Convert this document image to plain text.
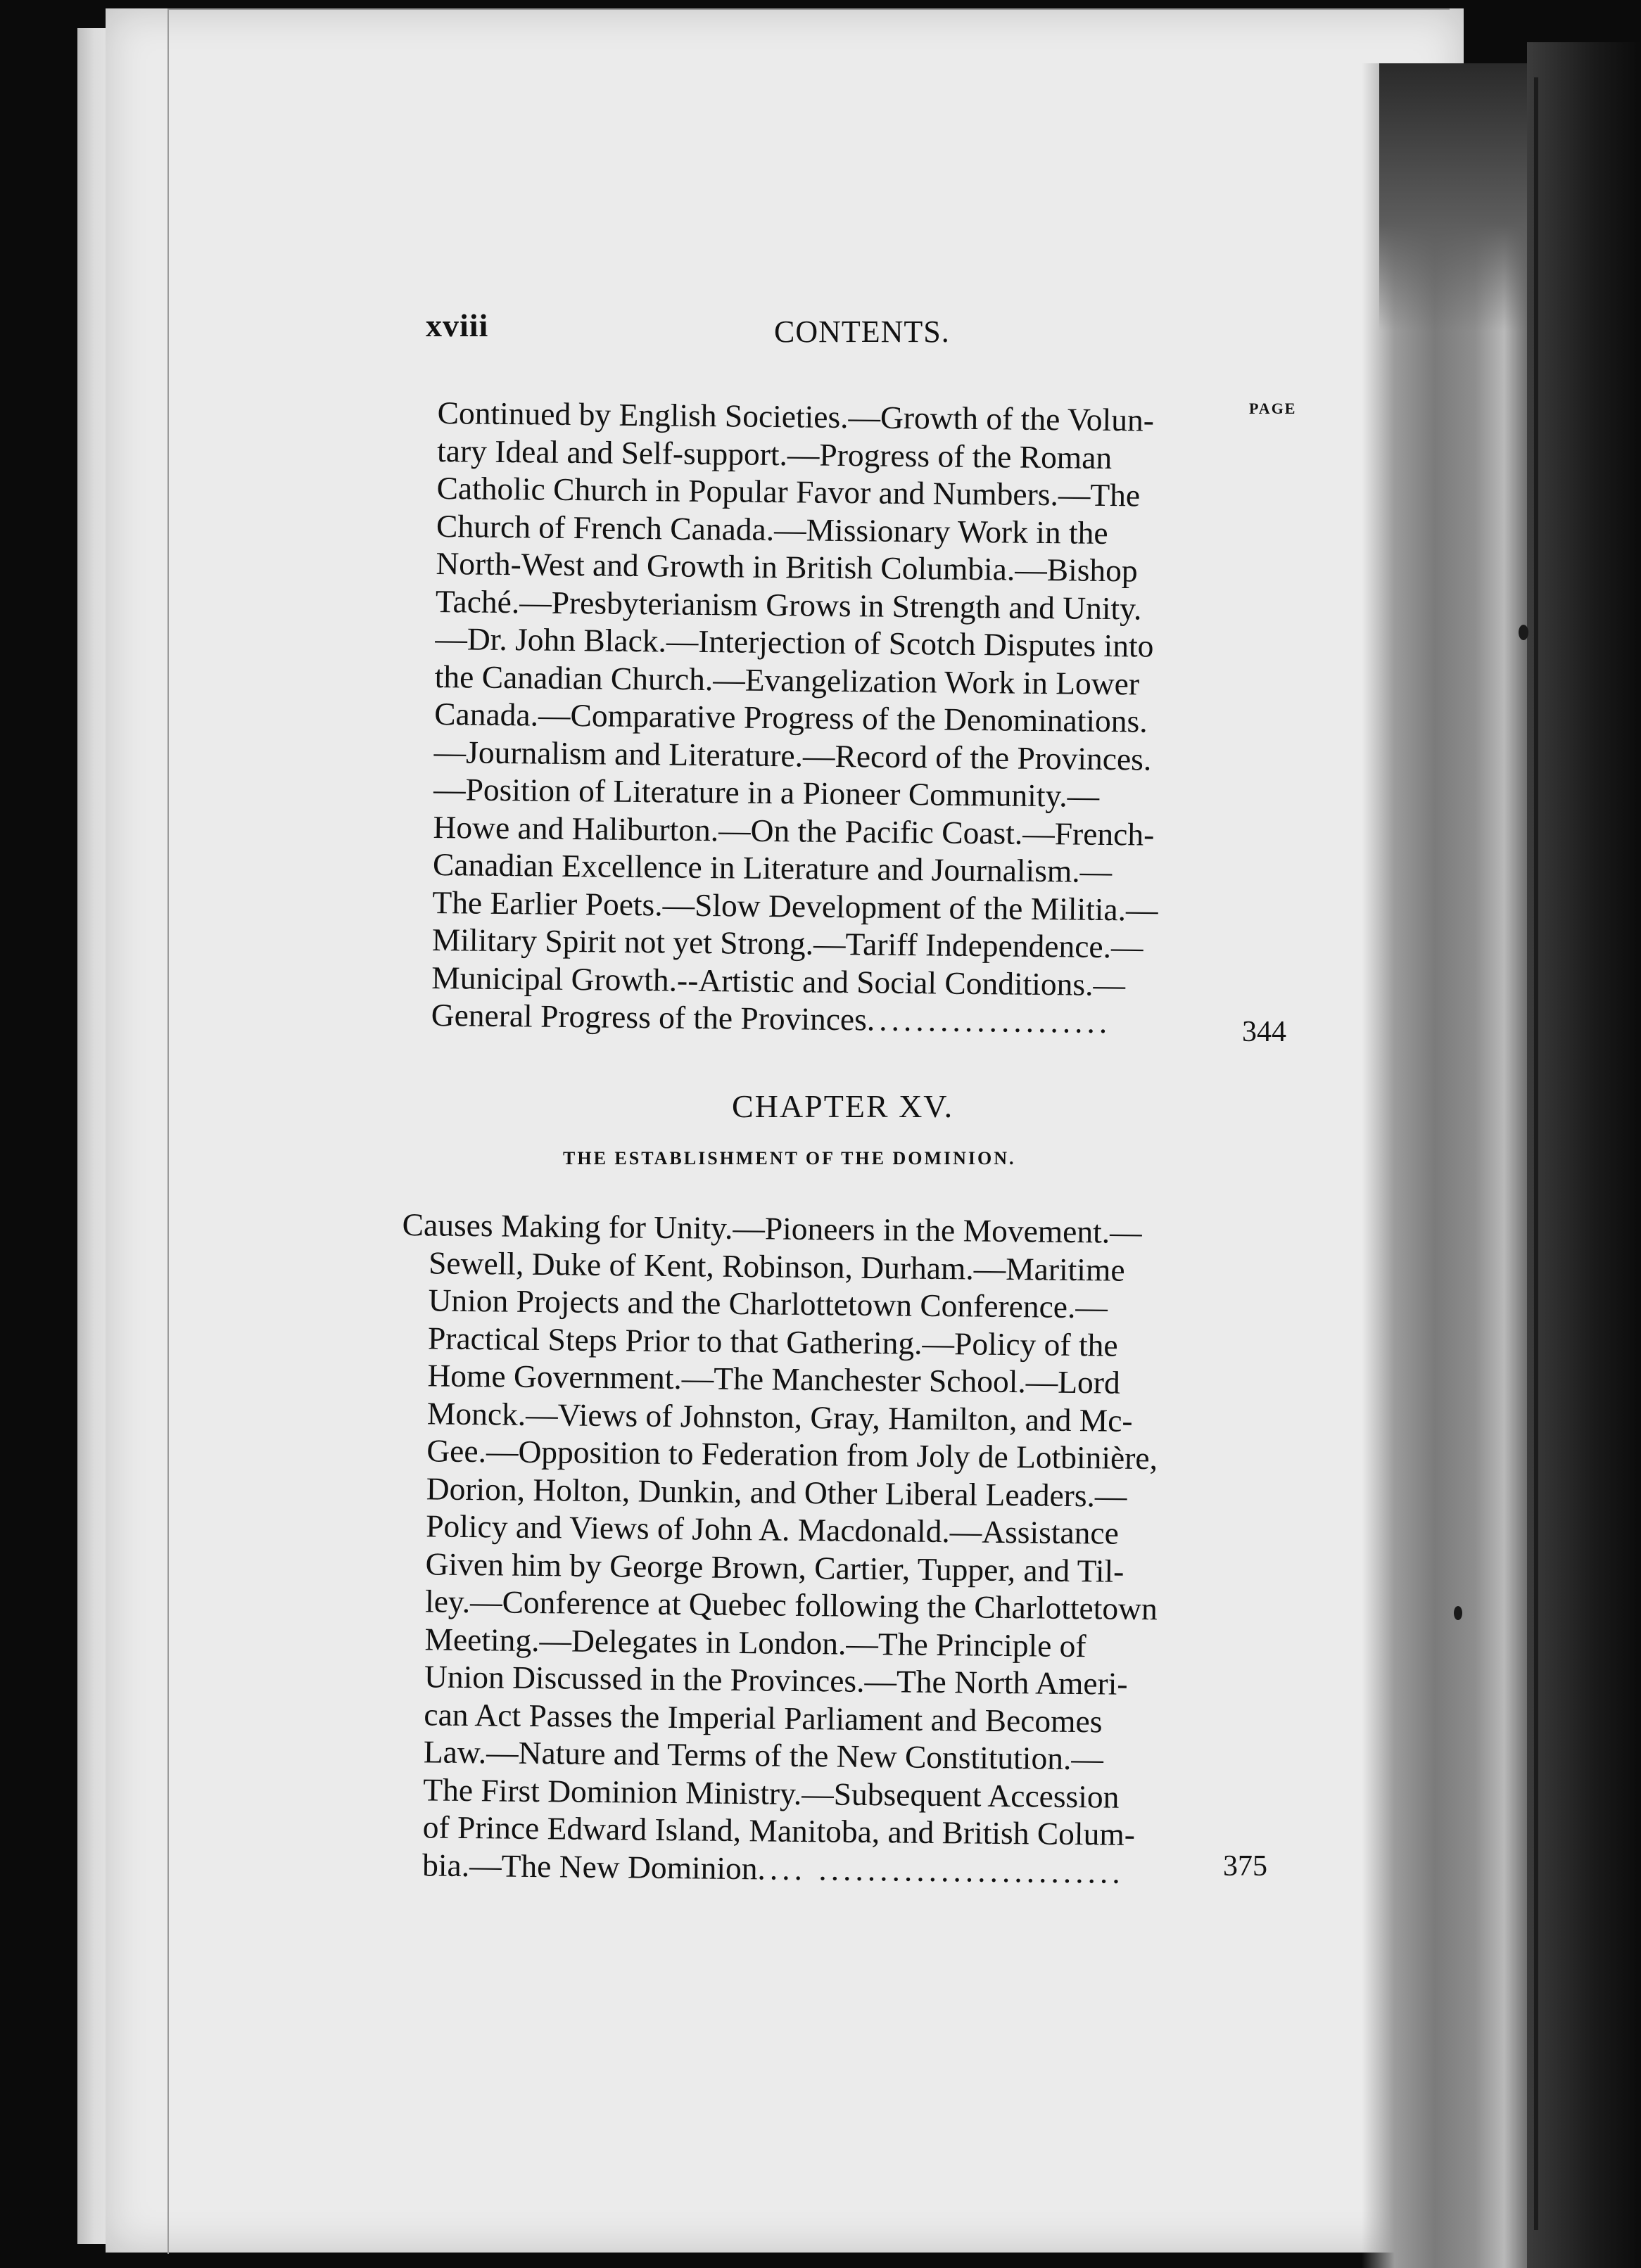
xviii	CONTENTS.
PAGE
Continued by English Societies.—Growth of the Volun-
tary Ideal and Self-support.—Progress of the Roman
Catholic Church in Popular Favor and Numbers.—The
Church of French Canada.—Missionary Work in the
North-West and Growth in British Columbia.—Bishop
Taché.—Presbyterianism Grows in Strength and Unity.
—Dr. John Black.—Interjection of Scotch Disputes into
the Canadian Church.—Evangelization Work in Lower
Canada.—Comparative Progress of the Denominations.
—Journalism and Literature.—Record of the Provinces.
—Position of Literature in a Pioneer Community.—
Howe and Haliburton.—On the Pacific Coast.—French-
Canadian Excellence in Literature and Journalism.—
The Earlier Poets.—Slow Development of the Militia.—
Military Spirit not yet Strong.—Tariff Independence.—
Municipal Growth.--Artistic and Social Conditions.—
General Progress of the Provinces....................	344
CHAPTER XV.
THE ESTABLISHMENT OF THE DOMINION.
Causes Making for Unity.—Pioneers in the Movement.—
Sewell, Duke of Kent, Robinson, Durham.—Maritime
Union Projects and the Charlottetown Conference.—
Practical Steps Prior to that Gathering.—Policy of the
Home Government.—The Manchester School.—Lord
Monck.—Views of Johnston, Gray, Hamilton, and Mc-
Gee.—Opposition to Federation from Joly de Lotbinière,
Dorion, Holton, Dunkin, and Other Liberal Leaders.—
Policy and Views of John A. Macdonald.—Assistance
Given him by George Brown, Cartier, Tupper, and Til-
ley.—Conference at Quebec following the Charlottetown
Meeting.—Delegates in London.—The Principle of
Union Discussed in the Provinces.—The North Ameri-
can Act Passes the Imperial Parliament and Becomes
Law.—Nature and Terms of the New Constitution.—
The First Dominion Ministry.—Subsequent Accession
of Prince Edward Island, Manitoba, and British Colum-
bia.—The New Dominion.... .........................	375
